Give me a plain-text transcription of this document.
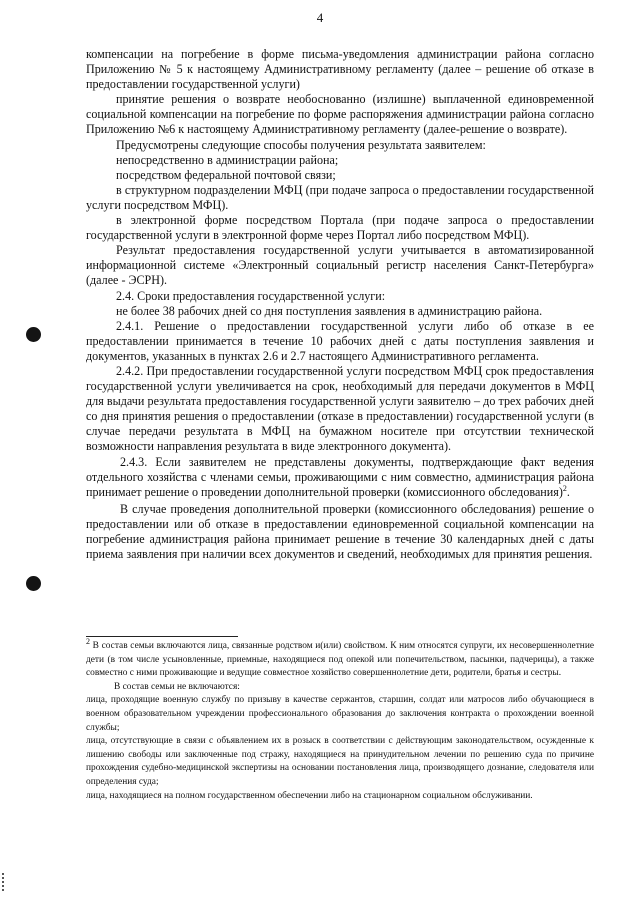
4

компенсации на погребение в форме письма-уведомления администрации района согласно Приложению № 5 к настоящему Административному регламенту (далее – решение об отказе в предоставлении государственной услуги)

принятие решения о возврате необоснованно (излишне) выплаченной единовременной социальной компенсации на погребение по форме распоряжения администрации района согласно Приложению №6 к настоящему Административному регламенту (далее-решение о возврате).

Предусмотрены следующие способы получения результата заявителем:

непосредственно в администрации района;

посредством федеральной почтовой связи;

в структурном подразделении МФЦ (при подаче запроса о предоставлении государственной услуги посредством МФЦ).

в электронной форме посредством Портала (при подаче запроса о предоставлении государственной услуги в электронной форме через Портал либо посредством МФЦ).

Результат предоставления государственной услуги учитывается в автоматизированной информационной системе «Электронный социальный регистр населения Санкт-Петербурга» (далее - ЭСРН).

2.4. Сроки предоставления государственной услуги:

не более 38 рабочих дней со дня поступления заявления в администрацию района.

2.4.1. Решение о предоставлении государственной услуги либо об отказе в ее предоставлении принимается в течение 10 рабочих дней с даты поступления заявления и документов, указанных в пунктах 2.6 и 2.7 настоящего Административного регламента.

2.4.2. При предоставлении государственной услуги посредством МФЦ срок предоставления государственной услуги увеличивается на срок, необходимый для передачи документов в МФЦ для выдачи результата предоставления государственной услуги заявителю – до трех рабочих дней со дня принятия решения о предоставлении (отказе в предоставлении) государственной услуги (в случае передачи результата в МФЦ на бумажном носителе при отсутствии технической возможности направления результата в виде электронного документа).

2.4.3. Если заявителем не представлены документы, подтверждающие факт ведения отдельного хозяйства с членами семьи, проживающими с ним совместно, администрация района принимает решение о проведении дополнительной проверки (комиссионного обследования)$^2$.

В случае проведения дополнительной проверки (комиссионного обследования) решение о предоставлении или об отказе в предоставлении единовременной социальной компенсации на погребение администрация района принимает решение в течение 30 календарных дней с даты приема заявления при наличии всех документов и сведений, необходимых для принятия решения.

$^2$ В состав семьи включаются лица, связанные родством и(или) свойством. К ним относятся супруги, их несовершеннолетние дети (в том числе усыновленные, приемные, находящиеся под опекой или попечительством, пасынки, падчерицы), а также совместно с ними проживающие и ведущие совместное хозяйство совершеннолетние дети, родители, братья и сестры.

В состав семьи не включаются:

лица, проходящие военную службу по призыву в качестве сержантов, старшин, солдат или матросов либо обучающиеся в военном образовательном учреждении профессионального образования до заключения контракта о прохождении военной службы;

лица, отсутствующие в связи с объявлением их в розыск в соответствии с действующим законодательством, осужденные к лишению свободы или заключенные под стражу, находящиеся на принудительном лечении по решению суда по причине прохождения судебно-медицинской экспертизы на основании постановления лица, производящего дознание, следователя или определения суда;

лица, находящиеся на полном государственном обеспечении либо на стационарном социальном обслуживании.
